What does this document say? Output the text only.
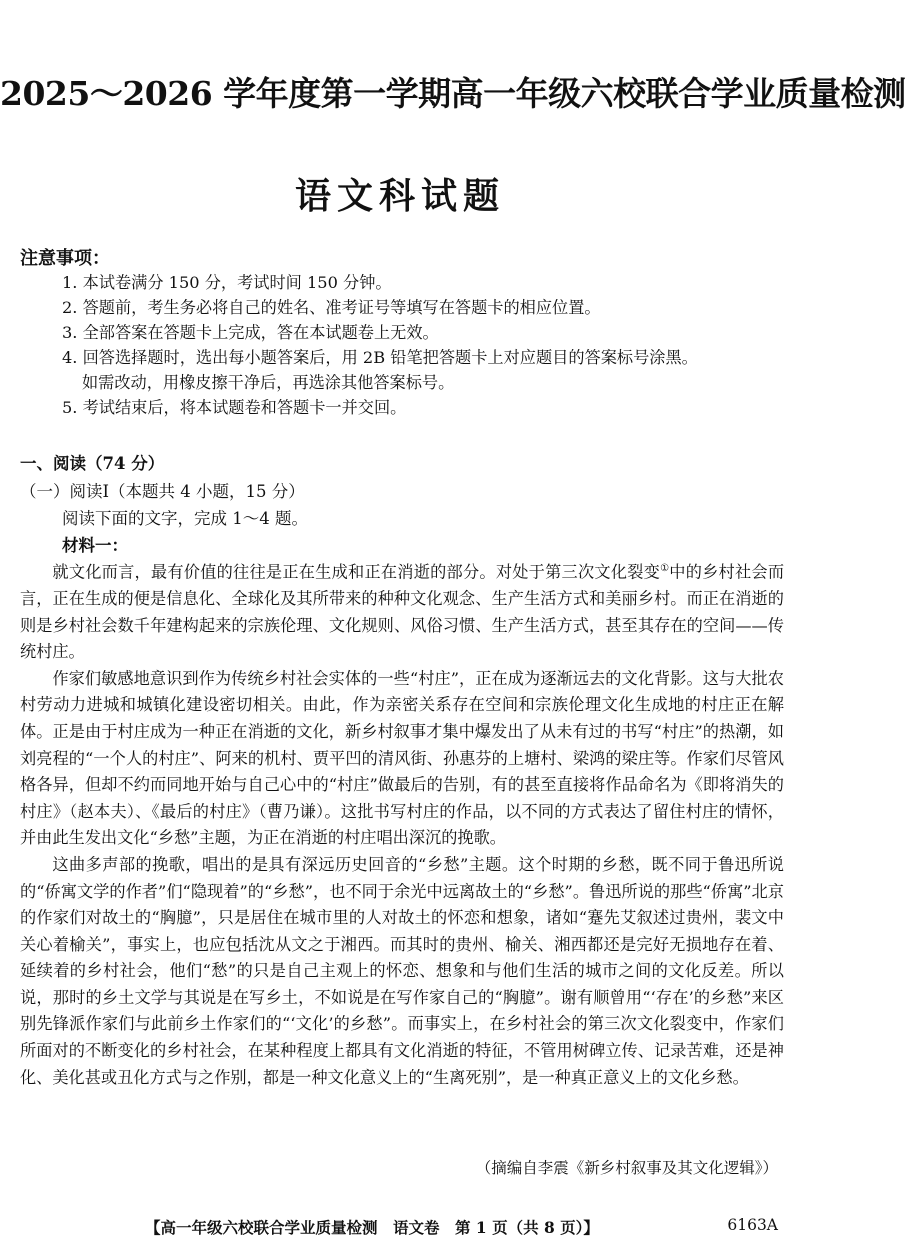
2025～2026 学年度第一学期高一年级六校联合学业质量检测
语文科试题
注意事项：
1. 本试卷满分 150 分，考试时间 150 分钟。
2. 答题前，考生务必将自己的姓名、准考证号等填写在答题卡的相应位置。
3. 全部答案在答题卡上完成，答在本试题卷上无效。
4. 回答选择题时，选出每小题答案后，用 2B 铅笔把答题卡上对应题目的答案标号涂黑。
如需改动，用橡皮擦干净后，再选涂其他答案标号。
5. 考试结束后，将本试题卷和答题卡一并交回。
一、阅读（74 分）
（一）阅读Ⅰ（本题共 4 小题，15 分）
阅读下面的文字，完成 1～4 题。
材料一：

就文化而言，最有价值的往往是正在生成和正在消逝的部分。对处于第三次文化裂变①中的乡村社会而言，正在生成的便是信息化、全球化及其所带来的种种文化观念、生产生活方式和美丽乡村。而正在消逝的则是乡村社会数千年建构起来的宗族伦理、文化规则、风俗习惯、生产生活方式，甚至其存在的空间——传统村庄。

作家们敏感地意识到作为传统乡村社会实体的一些“村庄”，正在成为逐渐远去的文化背影。这与大批农村劳动力进城和城镇化建设密切相关。由此，作为亲密关系存在空间和宗族伦理文化生成地的村庄正在解体。正是由于村庄成为一种正在消逝的文化，新乡村叙事才集中爆发出了从未有过的书写“村庄”的热潮，如刘亮程的“一个人的村庄”、阿来的机村、贾平凹的清风街、孙惠芬的上塘村、梁鸿的梁庄等。作家们尽管风格各异，但却不约而同地开始与自己心中的“村庄”做最后的告别，有的甚至直接将作品命名为《即将消失的村庄》（赵本夫）、《最后的村庄》（曹乃谦）。这批书写村庄的作品，以不同的方式表达了留住村庄的情怀，并由此生发出文化“乡愁”主题，为正在消逝的村庄唱出深沉的挽歌。

这曲多声部的挽歌，唱出的是具有深远历史回音的“乡愁”主题。这个时期的乡愁，既不同于鲁迅所说的“侨寓文学的作者”们“隐现着”的“乡愁”，也不同于余光中远离故土的“乡愁”。鲁迅所说的那些“侨寓”北京的作家们对故土的“胸臆”，只是居住在城市里的人对故土的怀恋和想象，诸如“蹇先艾叙述过贵州，裴文中关心着榆关”，事实上，也应包括沈从文之于湘西。而其时的贵州、榆关、湘西都还是完好无损地存在着、延续着的乡村社会，他们“愁”的只是自己主观上的怀恋、想象和与他们生活的城市之间的文化反差。所以说，那时的乡土文学与其说是在写乡土，不如说是在写作家自己的“胸臆”。谢有顺曾用“‘存在’的乡愁”来区别先锋派作家们与此前乡土作家们的“‘文化’的乡愁”。而事实上，在乡村社会的第三次文化裂变中，作家们所面对的不断变化的乡村社会，在某种程度上都具有文化消逝的特征，不管用树碑立传、记录苦难，还是神化、美化甚或丑化方式与之作别，都是一种文化意义上的“生离死别”，是一种真正意义上的文化乡愁。

（摘编自李震《新乡村叙事及其文化逻辑》）
【高一年级六校联合学业质量检测　语文卷　第 1 页（共 8 页）】	6163A
